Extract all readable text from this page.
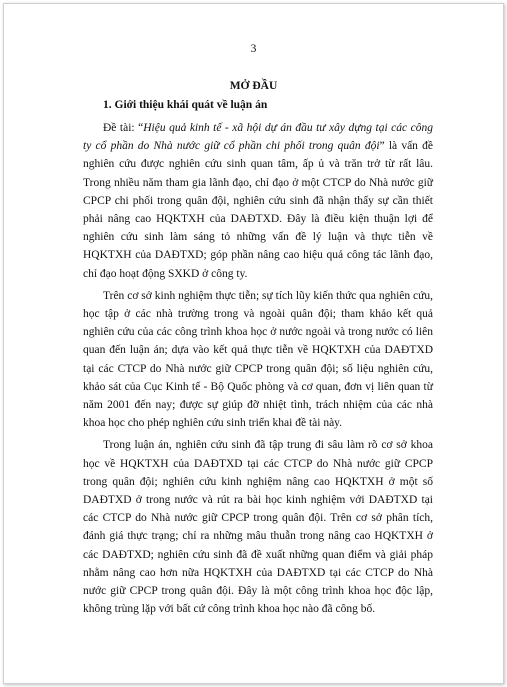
3
MỞ ĐẦU
1. Giới thiệu khái quát về luận án

Đề tài: “Hiệu quả kinh tế - xã hội dự án đầu tư xây dựng tại các công ty cổ phần do Nhà nước giữ cổ phần chi phối trong quân đội” là vấn đề nghiên cứu được nghiên cứu sinh quan tâm, ấp ủ và trăn trở từ rất lâu. Trong nhiều năm tham gia lãnh đạo, chỉ đạo ở một CTCP do Nhà nước giữ CPCP chi phối trong quân đội, nghiên cứu sinh đã nhận thấy sự cần thiết phải nâng cao HQKTXH của DAĐTXD. Đây là điều kiện thuận lợi để nghiên cứu sinh làm sáng tỏ những vấn đề lý luận và thực tiễn về HQKTXH của DAĐTXD; góp phần nâng cao hiệu quả công tác lãnh đạo, chỉ đạo hoạt động SXKD ở công ty.

Trên cơ sở kinh nghiệm thực tiễn; sự tích lũy kiến thức qua nghiên cứu, học tập ở các nhà trường trong và ngoài quân đội; tham khảo kết quả nghiên cứu của các công trình khoa học ở nước ngoài và trong nước có liên quan đến luận án; dựa vào kết quả thực tiễn về HQKTXH của DAĐTXD tại các CTCP do Nhà nước giữ CPCP trong quân đội; số liệu nghiên cứu, khảo sát của Cục Kinh tế - Bộ Quốc phòng và cơ quan, đơn vị liên quan từ năm 2001 đến nay; được sự giúp đỡ nhiệt tình, trách nhiệm của các nhà khoa học cho phép nghiên cứu sinh triển khai đề tài này.

Trong luận án, nghiên cứu sinh đã tập trung đi sâu làm rõ cơ sở khoa học về HQKTXH của DAĐTXD tại các CTCP do Nhà nước giữ CPCP trong quân đội; nghiên cứu kinh nghiệm nâng cao HQKTXH ở một số DAĐTXD ở trong nước và rút ra bài học kinh nghiệm với DAĐTXD tại các CTCP do Nhà nước giữ CPCP trong quân đội. Trên cơ sở phân tích, đánh giá thực trạng; chỉ ra những mâu thuẫn trong nâng cao HQKTXH ở các DAĐTXD; nghiên cứu sinh đã đề xuất những quan điểm và giải pháp nhằm nâng cao hơn nữa HQKTXH của DAĐTXD tại các CTCP do Nhà nước giữ CPCP trong quân đội. Đây là một công trình khoa học độc lập, không trùng lặp với bất cứ công trình khoa học nào đã công bố.
